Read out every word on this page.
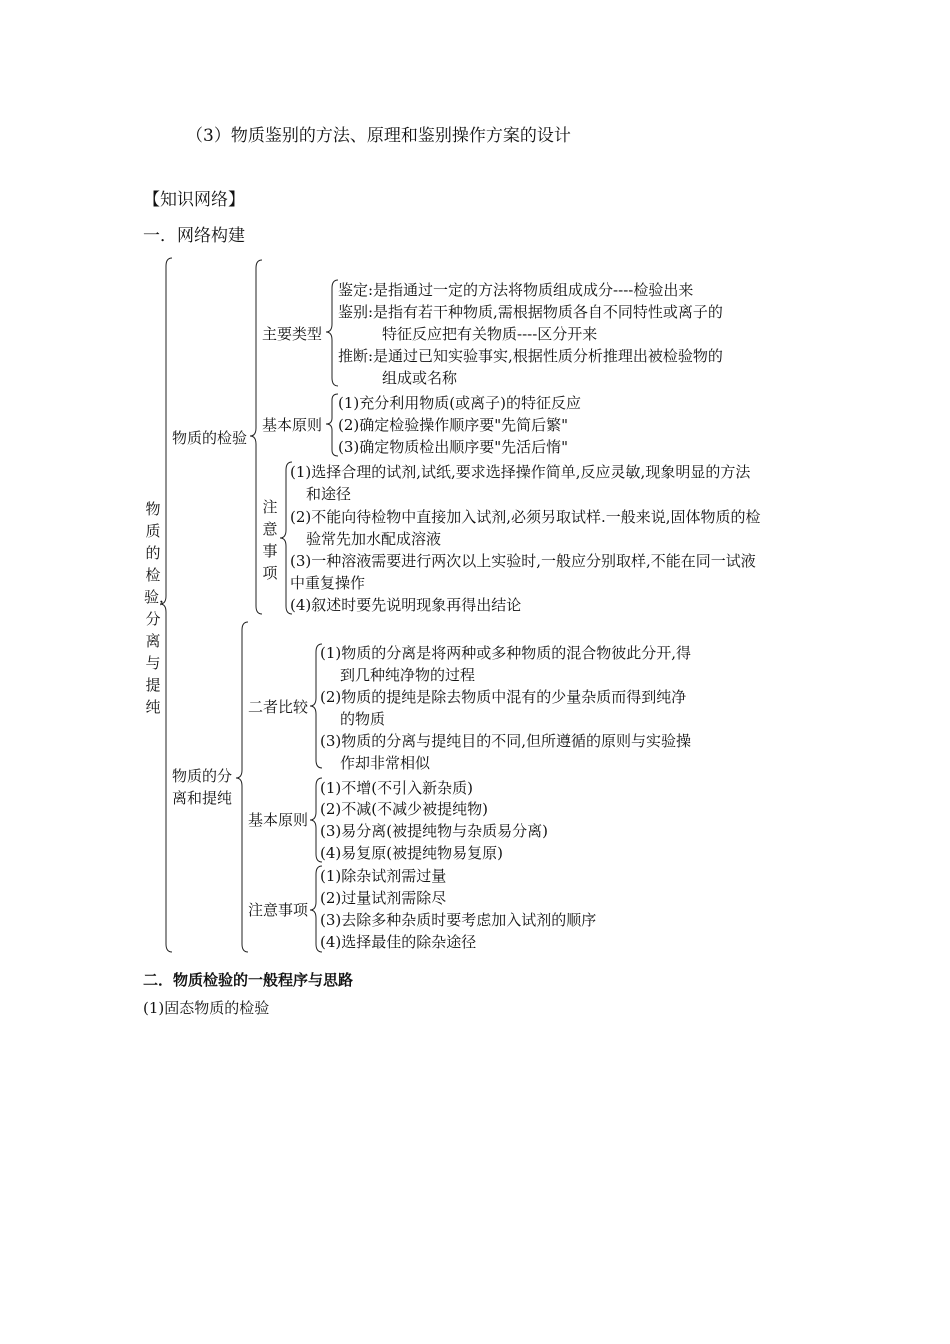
（3）物质鉴别的方法、原理和鉴别操作方案的设计
【知识网络】
一．网络构建
物质的检验，分离与提纯
物质的检验
主要类型
鉴定:是指通过一定的方法将物质组成成分----检验出来
鉴别:是指有若干种物质,需根据物质各自不同特性或离子的
特征反应把有关物质----区分开来
推断:是通过已知实验事实,根据性质分析推理出被检验物的
组成或名称
基本原则
(1)充分利用物质(或离子)的特征反应
(2)确定检验操作顺序要"先简后繁"
(3)确定物质检出顺序要"先活后惰"
注意事项
(1)选择合理的试剂,试纸,要求选择操作简单,反应灵敏,现象明显的方法
和途径
(2)不能向待检物中直接加入试剂,必须另取试样.一般来说,固体物质的检
验常先加水配成溶液
(3)一种溶液需要进行两次以上实验时,一般应分别取样,不能在同一试液
中重复操作
(4)叙述时要先说明现象再得出结论
物质的分
离和提纯
二者比较
(1)物质的分离是将两种或多种物质的混合物彼此分开,得
到几种纯净物的过程
(2)物质的提纯是除去物质中混有的少量杂质而得到纯净
的物质
(3)物质的分离与提纯目的不同,但所遵循的原则与实验操
作却非常相似
基本原则
(1)不增(不引入新杂质)
(2)不减(不减少被提纯物)
(3)易分离(被提纯物与杂质易分离)
(4)易复原(被提纯物易复原)
注意事项
(1)除杂试剂需过量
(2)过量试剂需除尽
(3)去除多种杂质时要考虑加入试剂的顺序
(4)选择最佳的除杂途径
二．物质检验的一般程序与思路
(1)固态物质的检验
